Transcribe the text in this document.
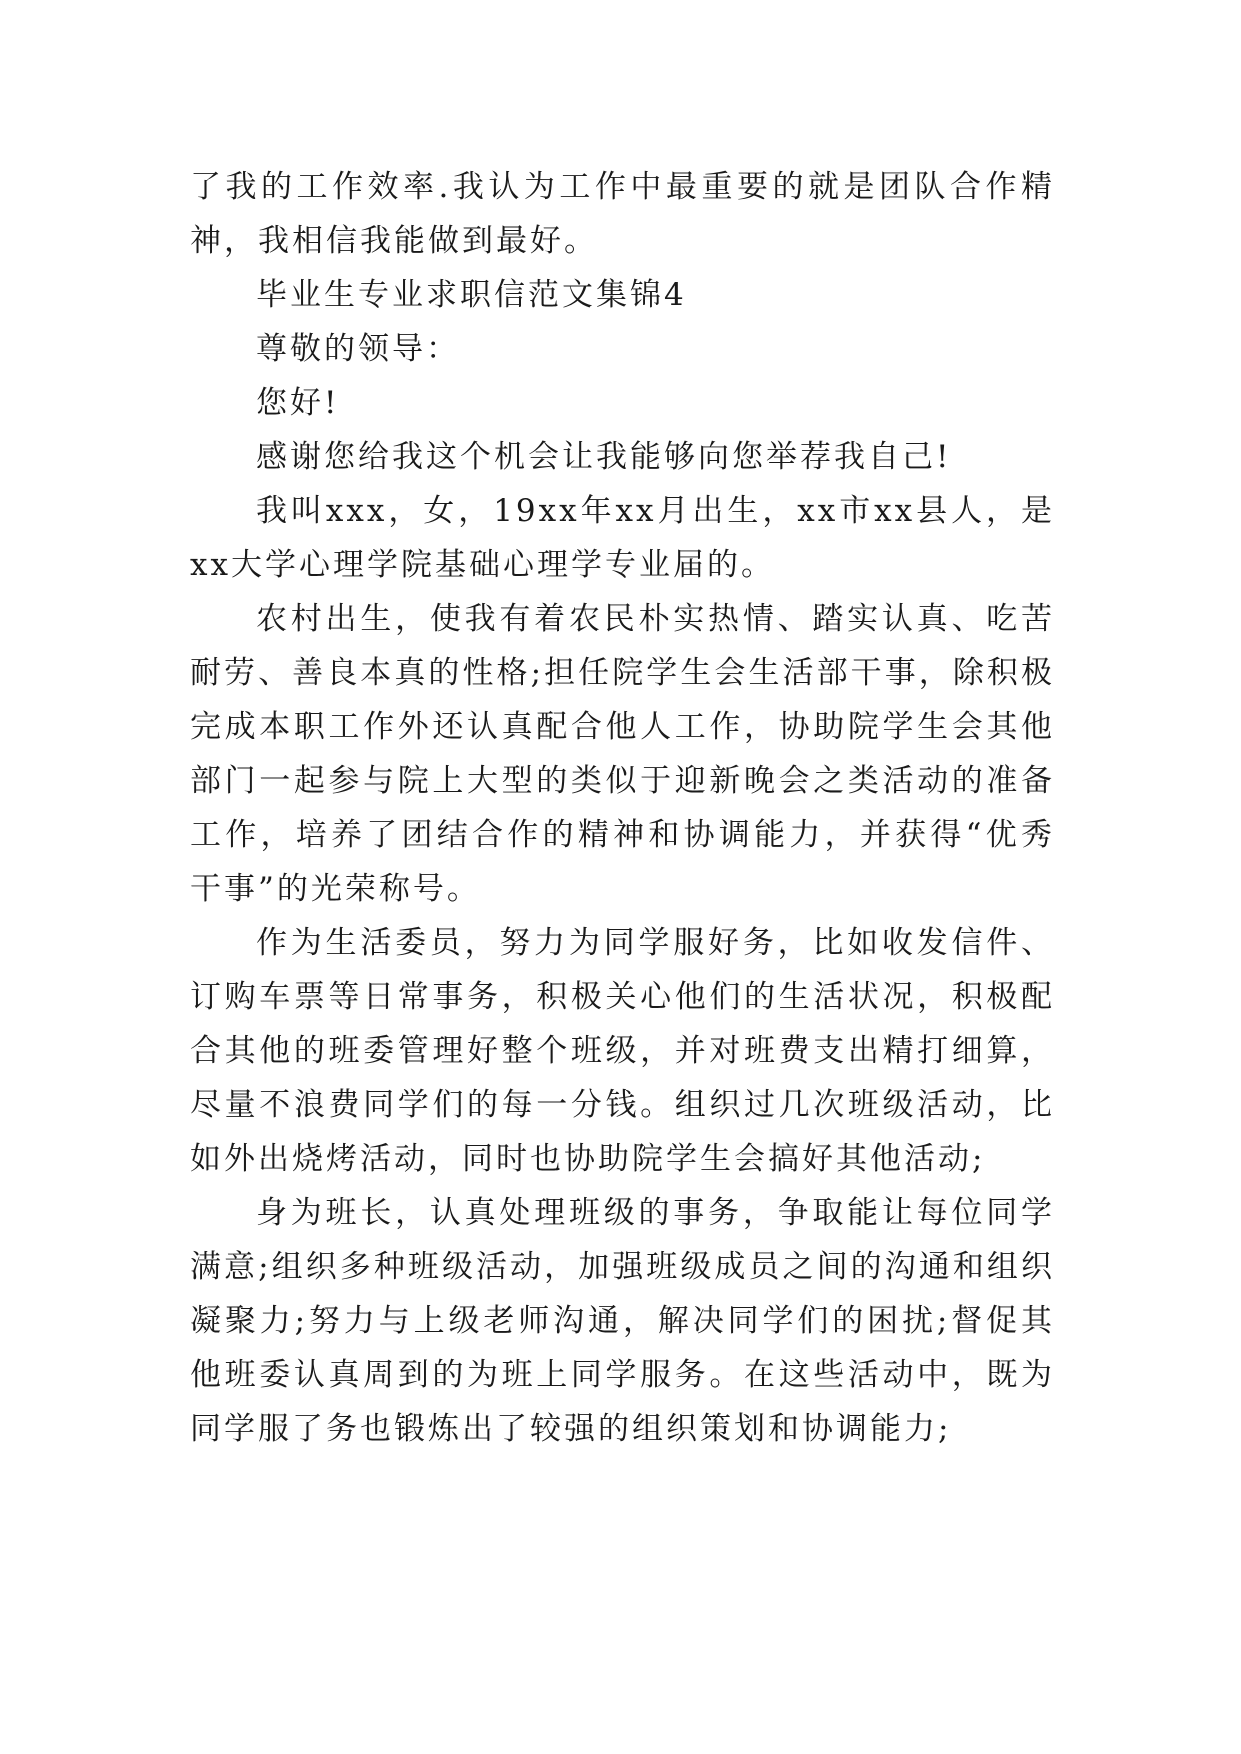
了我的工作效率.我认为工作中最重要的就是团队合作精神，我相信我能做到最好。

毕业生专业求职信范文集锦4

尊敬的领导：

您好!

感谢您给我这个机会让我能够向您举荐我自己!

我叫xxx，女，19xx年xx月出生，xx市xx县人，是xx大学心理学院基础心理学专业届的。

农村出生，使我有着农民朴实热情、踏实认真、吃苦耐劳、善良本真的性格;担任院学生会生活部干事，除积极完成本职工作外还认真配合他人工作，协助院学生会其他部门一起参与院上大型的类似于迎新晚会之类活动的准备工作，培养了团结合作的精神和协调能力，并获得“优秀干事”的光荣称号。

作为生活委员，努力为同学服好务，比如收发信件、订购车票等日常事务，积极关心他们的生活状况，积极配合其他的班委管理好整个班级，并对班费支出精打细算，尽量不浪费同学们的每一分钱。组织过几次班级活动，比如外出烧烤活动，同时也协助院学生会搞好其他活动;

身为班长，认真处理班级的事务，争取能让每位同学满意;组织多种班级活动，加强班级成员之间的沟通和组织凝聚力;努力与上级老师沟通，解决同学们的困扰;督促其他班委认真周到的为班上同学服务。在这些活动中，既为同学服了务也锻炼出了较强的组织策划和协调能力;
